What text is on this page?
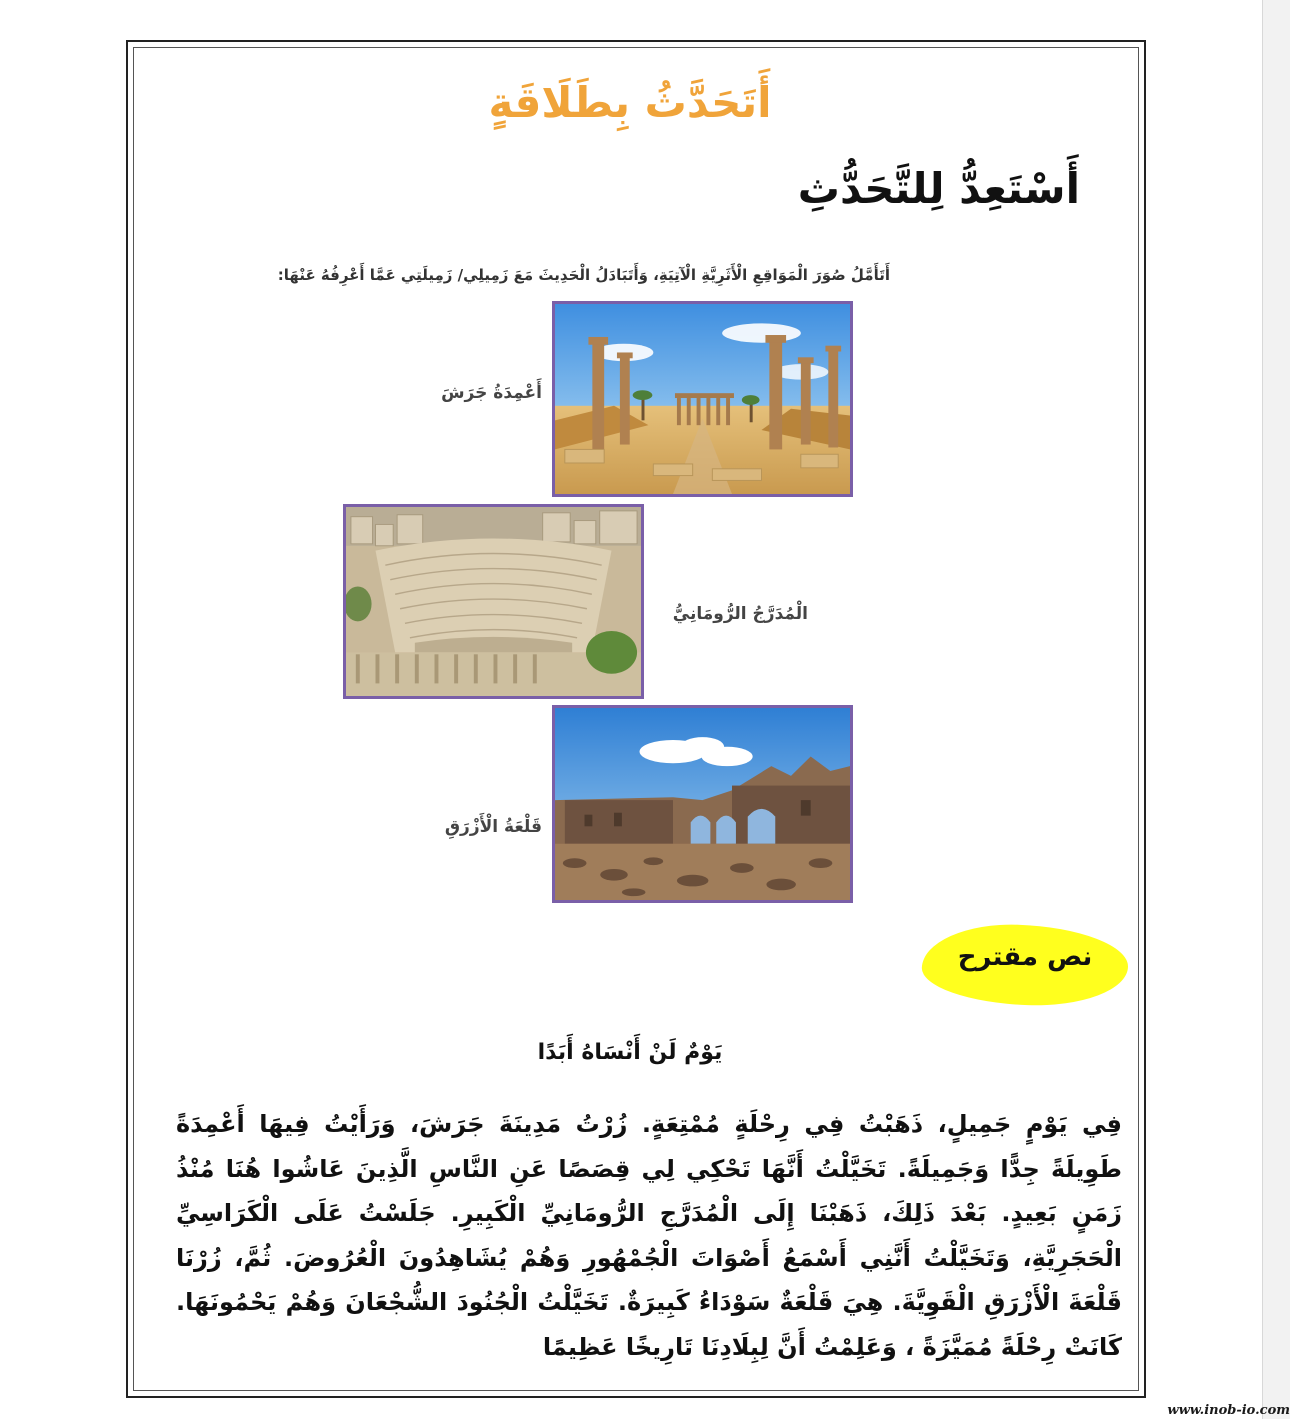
أَتَحَدَّثُ بِطَلَاقَةٍ
أَسْتَعِدُّ لِلتَّحَدُّثِ
أَتَأَمَّلُ صُوَرَ الْمَوَاقِعِ الْأَثَرِيَّةِ الْآتِيَةِ، وَأَتَبَادَلُ الْحَدِيثَ مَعَ زَمِيلِي/ زَمِيلَتِي عَمَّا أَعْرِفُهُ عَنْهَا:
أَعْمِدَةُ جَرَشَ
الْمُدَرَّجُ الرُّومَانِيُّ
قَلْعَةُ الْأَزْرَقِ
نص مقترح
يَوْمٌ لَنْ أَنْسَاهُ أَبَدًا
فِي يَوْمٍ جَمِيلٍ، ذَهَبْتُ فِي رِحْلَةٍ مُمْتِعَةٍ. زُرْتُ مَدِينَةَ جَرَشَ، وَرَأَيْتُ فِيهَا أَعْمِدَةً طَوِيلَةً جِدًّا وَجَمِيلَةً. تَخَيَّلْتُ أَنَّهَا تَحْكِي لِي قِصَصًا عَنِ النَّاسِ الَّذِينَ عَاشُوا هُنَا مُنْذُ زَمَنٍ بَعِيدٍ. بَعْدَ ذَلِكَ، ذَهَبْنَا إِلَى الْمُدَرَّجِ الرُّومَانِيِّ الْكَبِيرِ. جَلَسْتُ عَلَى الْكَرَاسِيِّ الْحَجَرِيَّةِ، وَتَخَيَّلْتُ أَنَّنِي أَسْمَعُ أَصْوَاتَ الْجُمْهُورِ وَهُمْ يُشَاهِدُونَ الْعُرُوضَ. ثُمَّ، زُرْنَا قَلْعَةَ الْأَزْرَقِ الْقَوِيَّةَ. هِيَ قَلْعَةٌ سَوْدَاءُ كَبِيرَةٌ. تَخَيَّلْتُ الْجُنُودَ الشُّجْعَانَ وَهُمْ يَحْمُونَهَا. كَانَتْ رِحْلَةً مُمَيَّزَةً ، وَعَلِمْتُ أَنَّ لِبِلَادِنَا تَارِيخًا عَظِيمًا
www.inob-io.com
